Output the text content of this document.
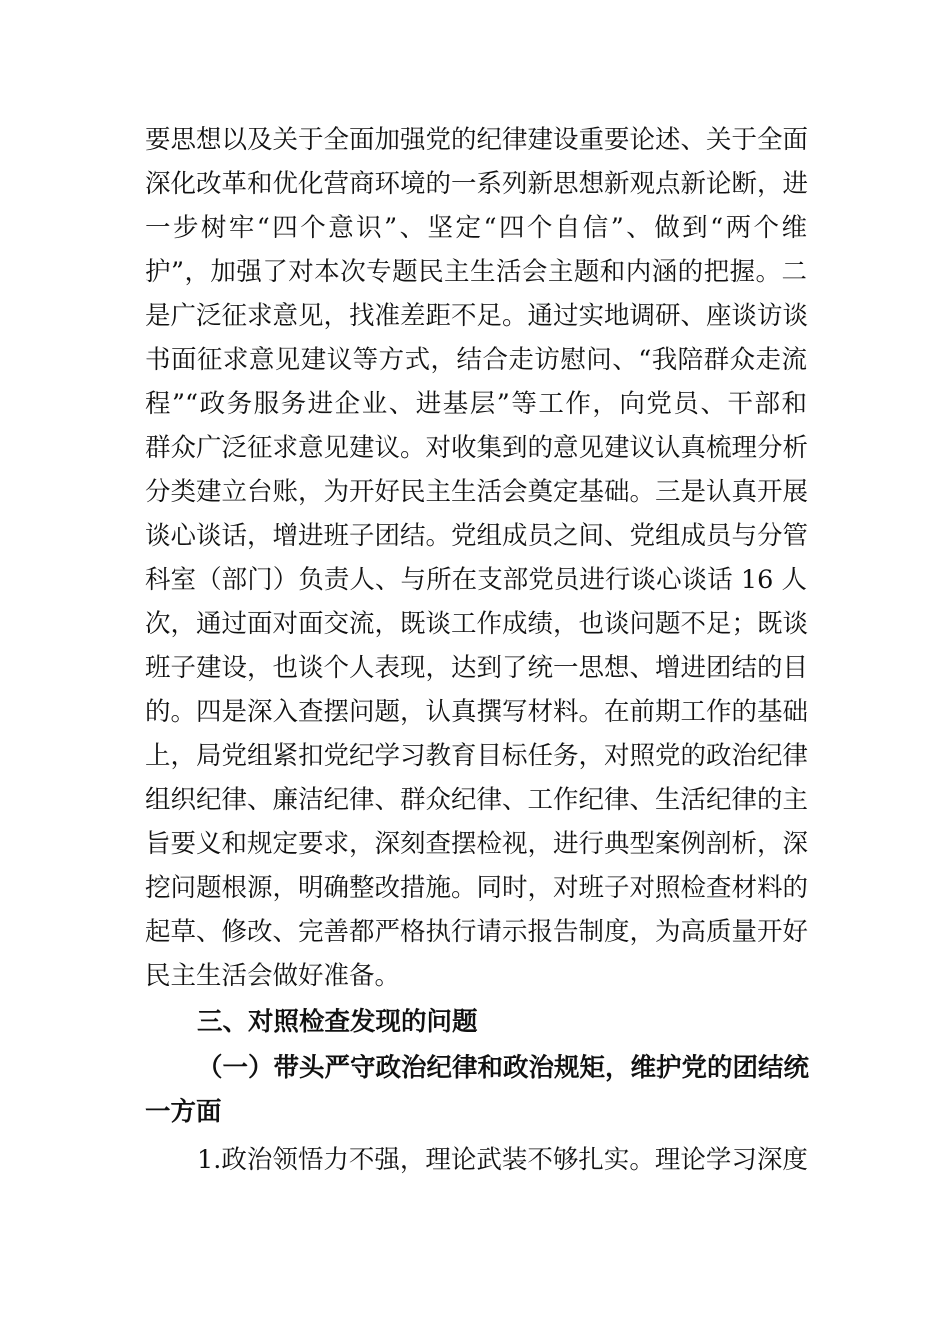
要思想以及关于全面加强党的纪律建设重要论述、关于全面
深化改革和优化营商环境的一系列新思想新观点新论断，进
一步树牢“四个意识”、坚定“四个自信”、做到“两个维
护”，加强了对本次专题民主生活会主题和内涵的把握。二
是广泛征求意见，找准差距不足。通过实地调研、座谈访谈
书面征求意见建议等方式，结合走访慰问、“我陪群众走流
程”“政务服务进企业、进基层”等工作，向党员、干部和
群众广泛征求意见建议。对收集到的意见建议认真梳理分析
分类建立台账，为开好民主生活会奠定基础。三是认真开展
谈心谈话，增进班子团结。党组成员之间、党组成员与分管
科室（部门）负责人、与所在支部党员进行谈心谈话 16 人
次，通过面对面交流，既谈工作成绩，也谈问题不足；既谈
班子建设，也谈个人表现，达到了统一思想、增进团结的目
的。四是深入查摆问题，认真撰写材料。在前期工作的基础
上，局党组紧扣党纪学习教育目标任务，对照党的政治纪律
组织纪律、廉洁纪律、群众纪律、工作纪律、生活纪律的主
旨要义和规定要求，深刻查摆检视，进行典型案例剖析，深
挖问题根源，明确整改措施。同时，对班子对照检查材料的
起草、修改、完善都严格执行请示报告制度，为高质量开好
民主生活会做好准备。
三、对照检查发现的问题
（一）带头严守政治纪律和政治规矩，维护党的团结统
一方面
1.政治领悟力不强，理论武装不够扎实。理论学习深度
